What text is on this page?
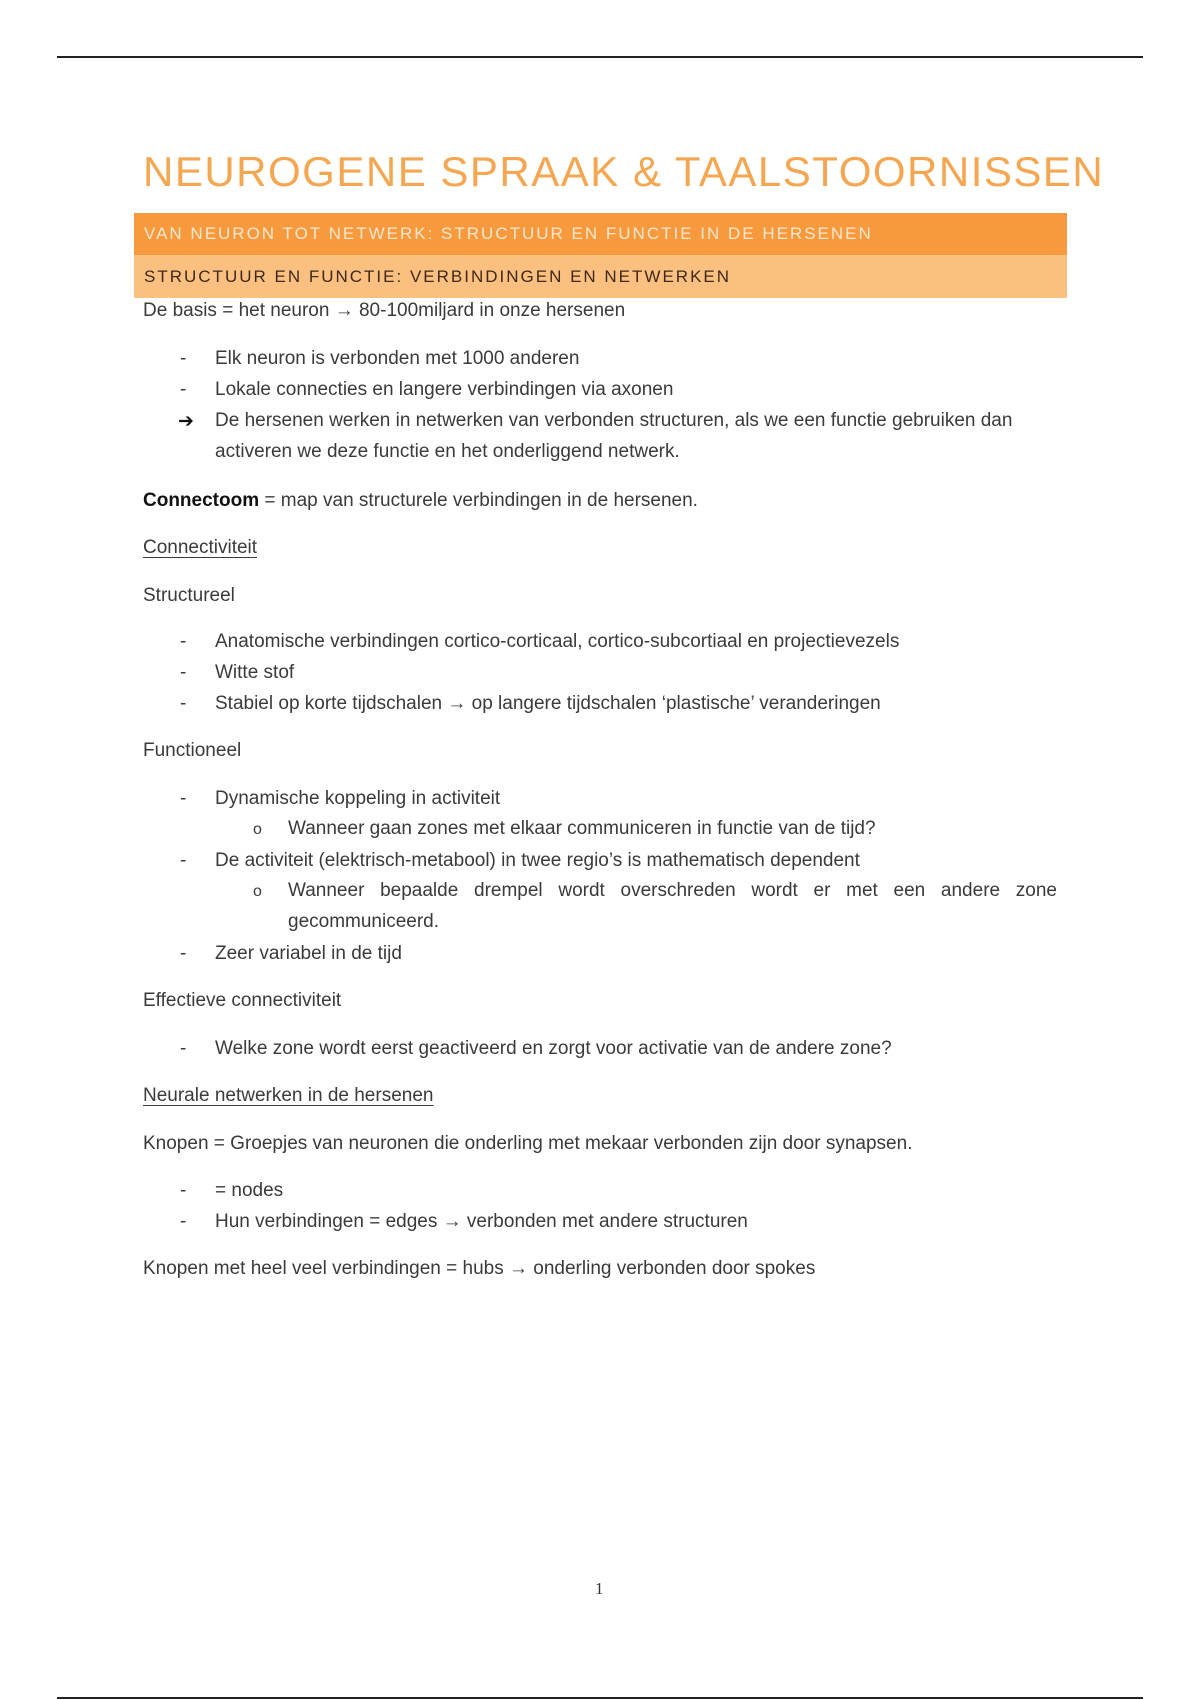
NEUROGENE SPRAAK & TAALSTOORNISSEN
VAN NEURON TOT NETWERK: STRUCTUUR EN FUNCTIE IN DE HERSENEN
STRUCTUUR EN FUNCTIE: VERBINDINGEN EN NETWERKEN
De basis = het neuron → 80-100miljard in onze hersenen
- Elk neuron is verbonden met 1000 anderen
- Lokale connecties en langere verbindingen via axonen
➔ De hersenen werken in netwerken van verbonden structuren, als we een functie gebruiken dan
activeren we deze functie en het onderliggend netwerk.
Connectoom = map van structurele verbindingen in de hersenen.
Connectiviteit
Structureel
- Anatomische verbindingen cortico-corticaal, cortico-subcortiaal en projectievezels
- Witte stof
- Stabiel op korte tijdschalen → op langere tijdschalen ‘plastische’ veranderingen
Functioneel
- Dynamische koppeling in activiteit
o Wanneer gaan zones met elkaar communiceren in functie van de tijd?
- De activiteit (elektrisch-metabool) in twee regio’s is mathematisch dependent
o Wanneer bepaalde drempel wordt overschreden wordt er met een andere zone
gecommuniceerd.
- Zeer variabel in de tijd
Effectieve connectiviteit
- Welke zone wordt eerst geactiveerd en zorgt voor activatie van de andere zone?
Neurale netwerken in de hersenen
Knopen = Groepjes van neuronen die onderling met mekaar verbonden zijn door synapsen.
- = nodes
- Hun verbindingen = edges → verbonden met andere structuren
Knopen met heel veel verbindingen = hubs → onderling verbonden door spokes
1
